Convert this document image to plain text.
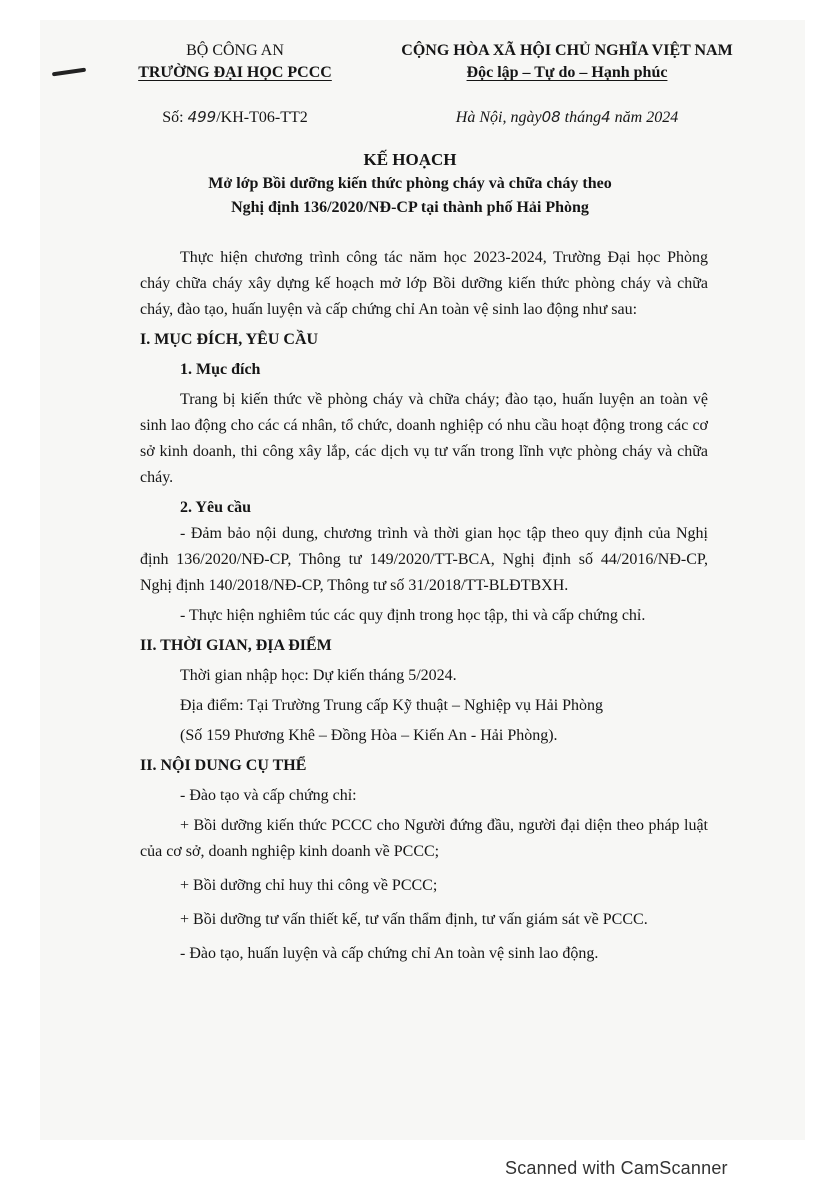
BỘ CÔNG AN
TRƯỜNG ĐẠI HỌC PCCC
Số: 499/KH-T06-TT2
CỘNG HÒA XÃ HỘI CHỦ NGHĨA VIỆT NAM
Độc lập – Tự do – Hạnh phúc
Hà Nội, ngày08 tháng4 năm 2024
KẾ HOẠCH
Mở lớp Bồi dưỡng kiến thức phòng cháy và chữa cháy theo
Nghị định 136/2020/NĐ-CP tại thành phố Hải Phòng

Thực hiện chương trình công tác năm học 2023-2024, Trường Đại học Phòng cháy chữa cháy xây dựng kế hoạch mở lớp Bồi dưỡng kiến thức phòng cháy và chữa cháy, đào tạo, huấn luyện và cấp chứng chỉ An toàn vệ sinh lao động như sau:

I. MỤC ĐÍCH, YÊU CẦU

1. Mục đích

Trang bị kiến thức về phòng cháy và chữa cháy; đào tạo, huấn luyện an toàn vệ sinh lao động cho các cá nhân, tổ chức, doanh nghiệp có nhu cầu hoạt động trong các cơ sở kinh doanh, thi công xây lắp, các dịch vụ tư vấn trong lĩnh vực phòng cháy và chữa cháy.

2. Yêu cầu

- Đảm bảo nội dung, chương trình và thời gian học tập theo quy định của Nghị định 136/2020/NĐ-CP, Thông tư 149/2020/TT-BCA, Nghị định số 44/2016/NĐ-CP, Nghị định 140/2018/NĐ-CP, Thông tư số 31/2018/TT-BLĐTBXH.

- Thực hiện nghiêm túc các quy định trong học tập, thi và cấp chứng chỉ.

II. THỜI GIAN, ĐỊA ĐIỂM

Thời gian nhập học: Dự kiến tháng 5/2024.

Địa điểm: Tại Trường Trung cấp Kỹ thuật – Nghiệp vụ Hải Phòng

(Số 159 Phương Khê – Đồng Hòa – Kiến An - Hải Phòng).

II. NỘI DUNG CỤ THỂ

- Đào tạo và cấp chứng chỉ:

+ Bồi dưỡng kiến thức PCCC cho Người đứng đầu, người đại diện theo pháp luật của cơ sở, doanh nghiệp kinh doanh về PCCC;

+ Bồi dưỡng chỉ huy thi công về PCCC;

+ Bồi dưỡng tư vấn thiết kế, tư vấn thẩm định, tư vấn giám sát về PCCC.

- Đào tạo, huấn luyện và cấp chứng chỉ An toàn vệ sinh lao động.

Scanned with CamScanner
